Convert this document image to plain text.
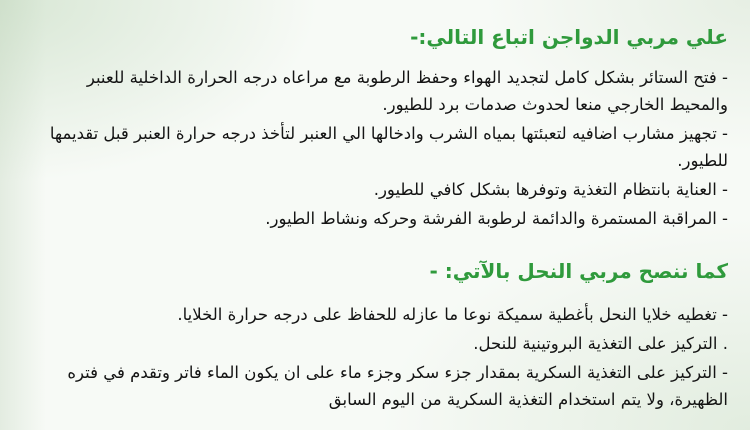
علي مربي الدواجن اتباع التالي:-
- فتح الستائر بشكل كامل لتجديد الهواء وحفظ الرطوبة مع مراعاه درجه الحرارة الداخلية للعنبر والمحيط الخارجي منعا لحدوث صدمات برد للطيور.
- تجهيز مشارب اضافيه لتعبئتها بمياه الشرب وادخالها الي العنبر لتأخذ درجه حرارة العنبر قبل تقديمها للطيور.
- العناية بانتظام التغذية وتوفرها بشكل كافي للطيور.
- المراقبة المستمرة والدائمة لرطوبة الفرشة وحركه ونشاط الطيور.
كما ننصح مربي النحل بالآتي: -
- تغطيه خلايا النحل بأغطية سميكة نوعا ما عازله للحفاظ على درجه حرارة الخلايا.
. التركيز على التغذية البروتينية للنحل.
- التركيز على التغذية السكرية بمقدار جزء سكر وجزء ماء على ان يكون الماء فاتر وتقدم في فتره الظهيرة، ولا يتم استخدام التغذية السكرية من اليوم السابق
